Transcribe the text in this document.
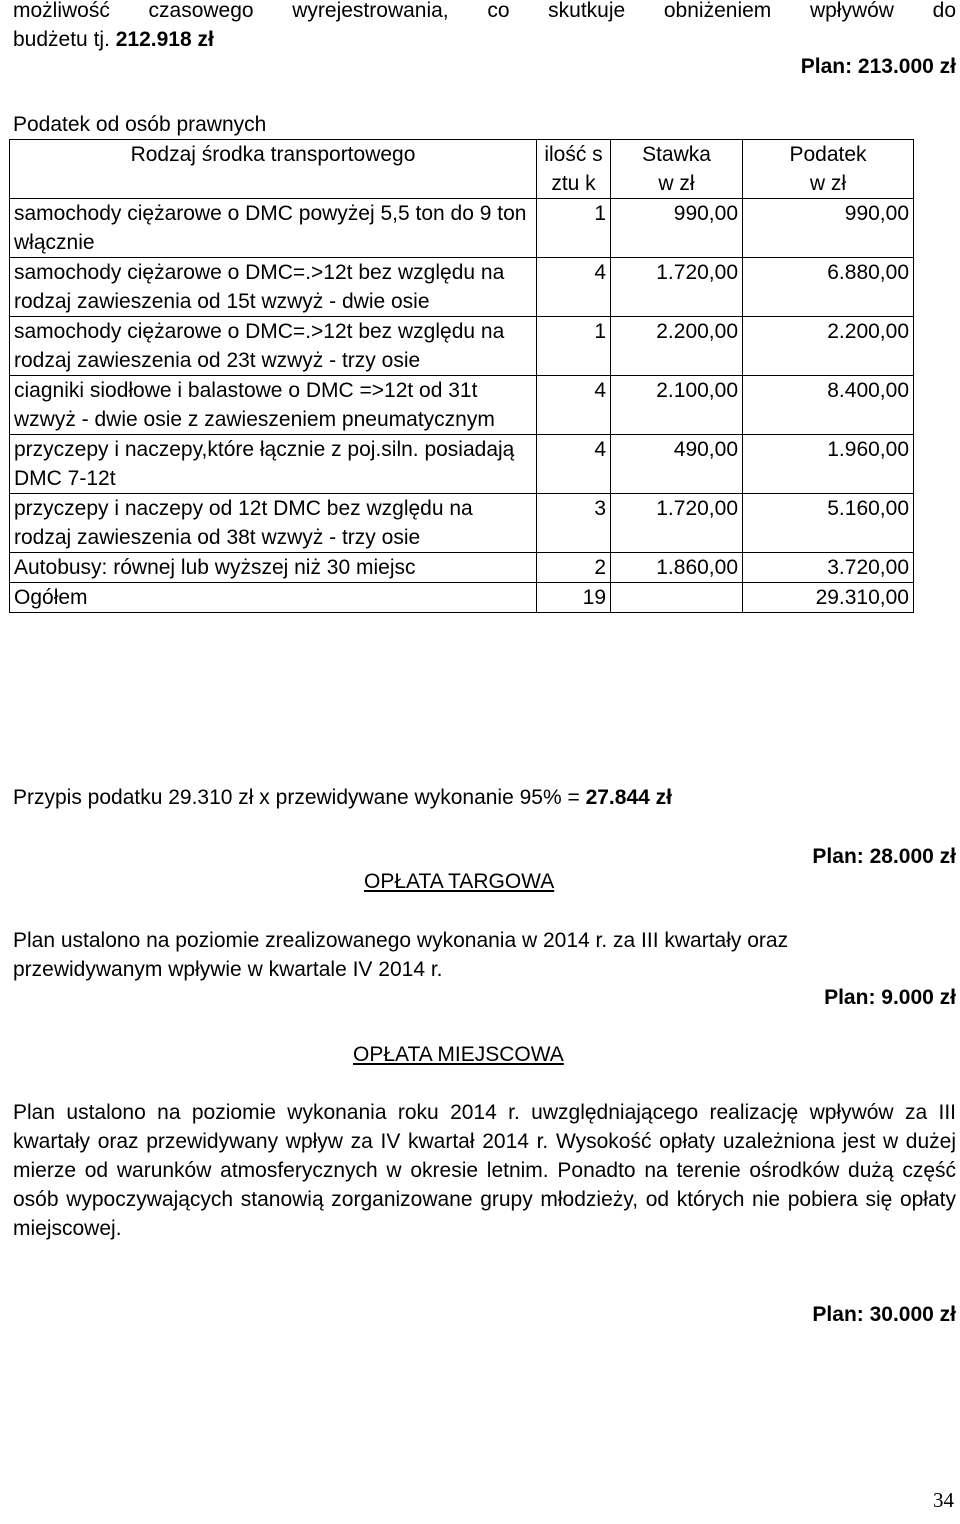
możliwość czasowego wyrejestrowania, co skutkuje obniżeniem wpływów do
budżetu tj. 212.918 zł
Plan: 213.000 zł
Podatek od osób prawnych
Rodzaj środka transportowego	ilość sztu k	Stawka w zł	Podatek w zł
samochody ciężarowe o DMC powyżej 5,5 ton do 9 ton włącznie	1	990,00	990,00
samochody ciężarowe o DMC=.>12t bez względu na rodzaj zawieszenia od 15t wzwyż - dwie osie	4	1.720,00	6.880,00
samochody ciężarowe o DMC=.>12t bez względu na rodzaj zawieszenia od 23t wzwyż - trzy osie	1	2.200,00	2.200,00
ciagniki siodłowe i balastowe o DMC =>12t od 31t wzwyż - dwie osie z zawieszeniem pneumatycznym	4	2.100,00	8.400,00
przyczepy i naczepy,które łącznie z poj.siln. posiadają DMC 7-12t	4	490,00	1.960,00
przyczepy i naczepy od 12t DMC bez względu na rodzaj zawieszenia od 38t wzwyż - trzy osie	3	1.720,00	5.160,00
Autobusy: równej lub wyższej niż 30 miejsc	2	1.860,00	3.720,00
Ogółem	19		29.310,00
Przypis podatku 29.310 zł x przewidywane wykonanie 95% = 27.844 zł
Plan: 28.000 zł
OPŁATA TARGOWA
Plan ustalono na poziomie zrealizowanego wykonania w 2014 r. za III kwartały oraz przewidywanym wpływie w kwartale IV 2014 r.
Plan: 9.000 zł
OPŁATA MIEJSCOWA
Plan ustalono na poziomie wykonania roku 2014 r. uwzględniającego realizację wpływów za III kwartały oraz przewidywany wpływ za IV kwartał 2014 r. Wysokość opłaty uzależniona jest w dużej mierze od warunków atmosferycznych w okresie letnim. Ponadto na terenie ośrodków dużą część osób wypoczywających stanowią zorganizowane grupy młodzieży, od których nie pobiera się opłaty miejscowej.
Plan: 30.000 zł
34
